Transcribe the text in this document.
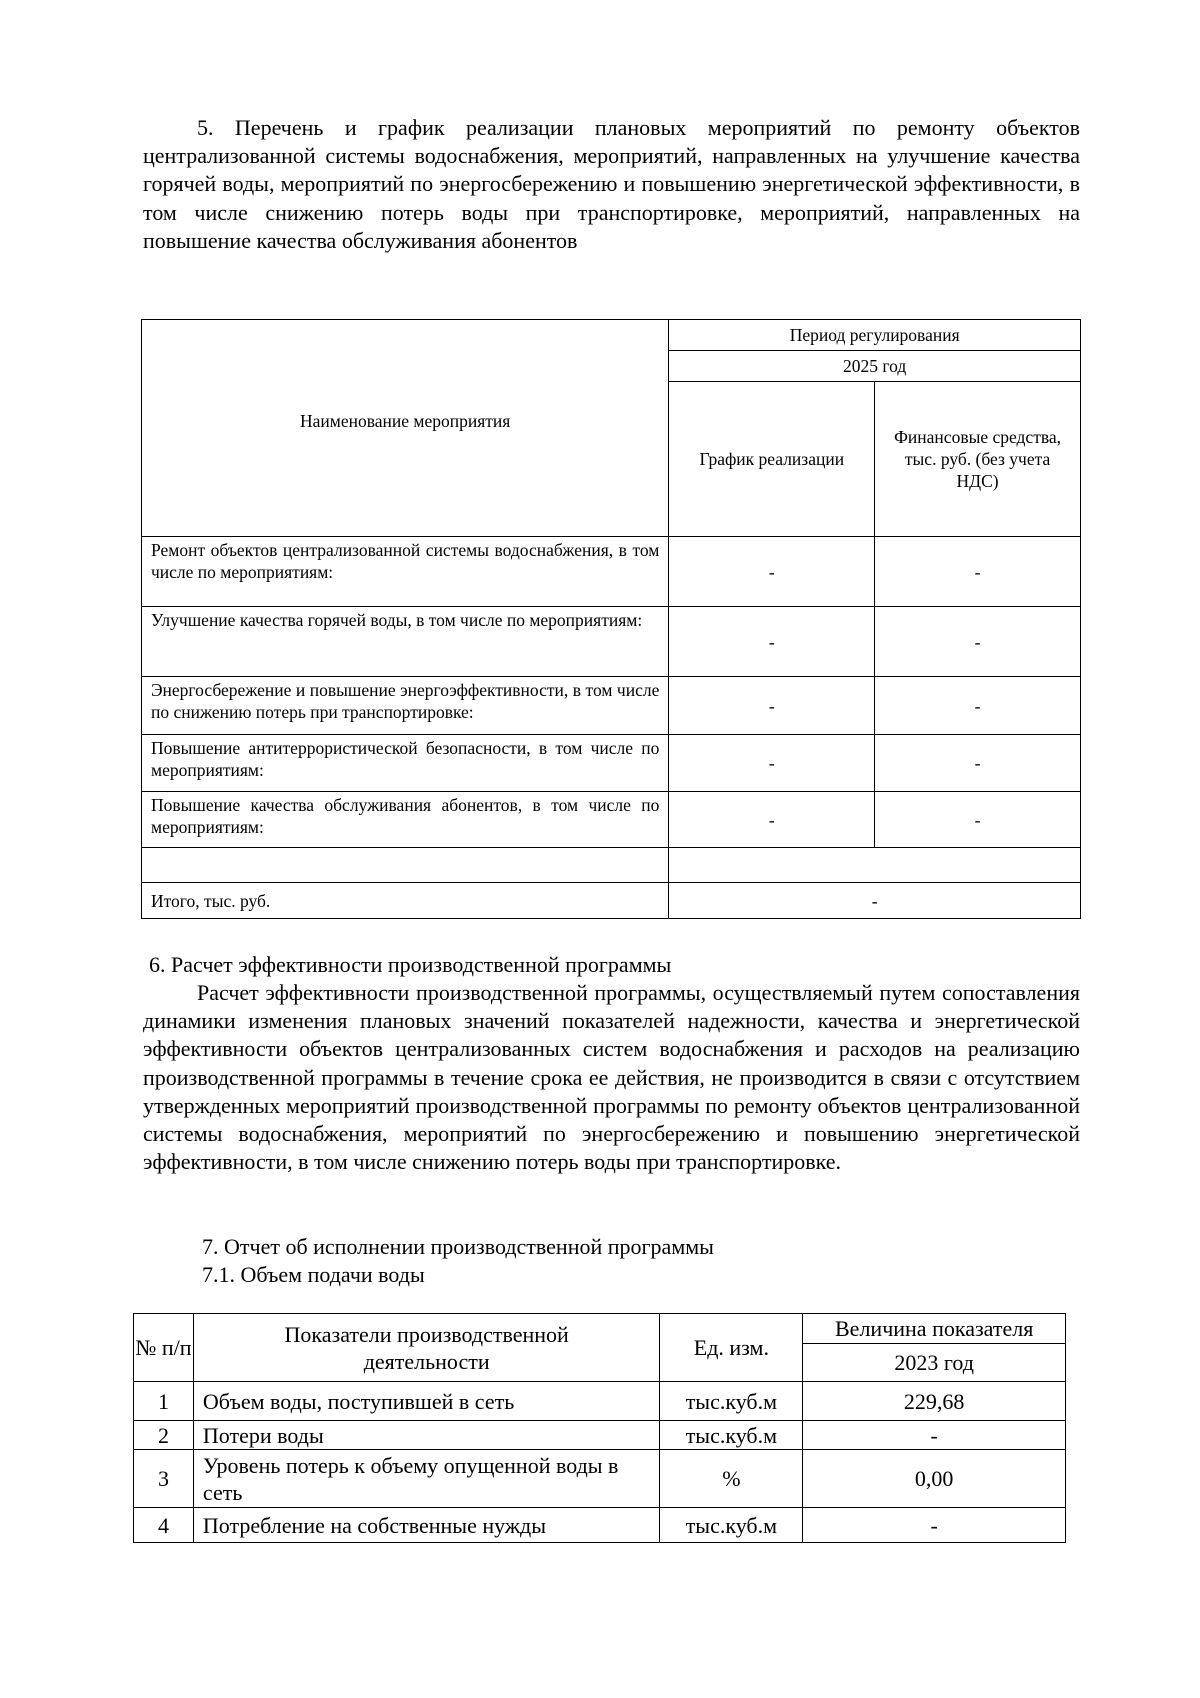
5. Перечень и график реализации плановых мероприятий по ремонту объектов централизованной системы водоснабжения, мероприятий, направленных на улучшение качества горячей воды, мероприятий по энергосбережению и повышению энергетической эффективности, в том числе снижению потерь воды при транспортировке, мероприятий, направленных на повышение качества обслуживания абонентов
Наименование мероприятия	Период регулирования	
	2025 год	
	График реализации	Финансовые средства, тыс. руб. (без учета НДС)
Ремонт объектов централизованной системы водоснабжения, в том числе по мероприятиям:	-	-
Улучшение качества горячей воды, в том числе по мероприятиям:	-	-
Энергосбережение и повышение энергоэффективности, в том числе по снижению потерь при транспортировке:	-	-
Повышение антитеррористической безопасности, в том числе по мероприятиям:	-	-
Повышение качества обслуживания абонентов, в том числе по мероприятиям:	-	-

Итого, тыс. руб.	-	
6. Расчет эффективности производственной программы
Расчет эффективности производственной программы, осуществляемый путем сопоставления динамики изменения плановых значений показателей надежности, качества и энергетической эффективности объектов централизованных систем водоснабжения и расходов на реализацию производственной программы в течение срока ее действия, не производится в связи с отсутствием утвержденных мероприятий производственной программы по ремонту объектов централизованной системы водоснабжения, мероприятий по энергосбережению и повышению энергетической эффективности, в том числе снижению потерь воды при транспортировке.
7. Отчет об исполнении производственной программы
7.1. Объем подачи воды
№ п/п	Показатели производственной деятельности	Ед. изм.	Величина показателя
			2023 год
1	Объем воды, поступившей в сеть	тыс.куб.м	229,68
2	Потери воды	тыс.куб.м	-
3	Уровень потерь к объему опущенной воды в сеть	%	0,00
4	Потребление на собственные нужды	тыс.куб.м	-
